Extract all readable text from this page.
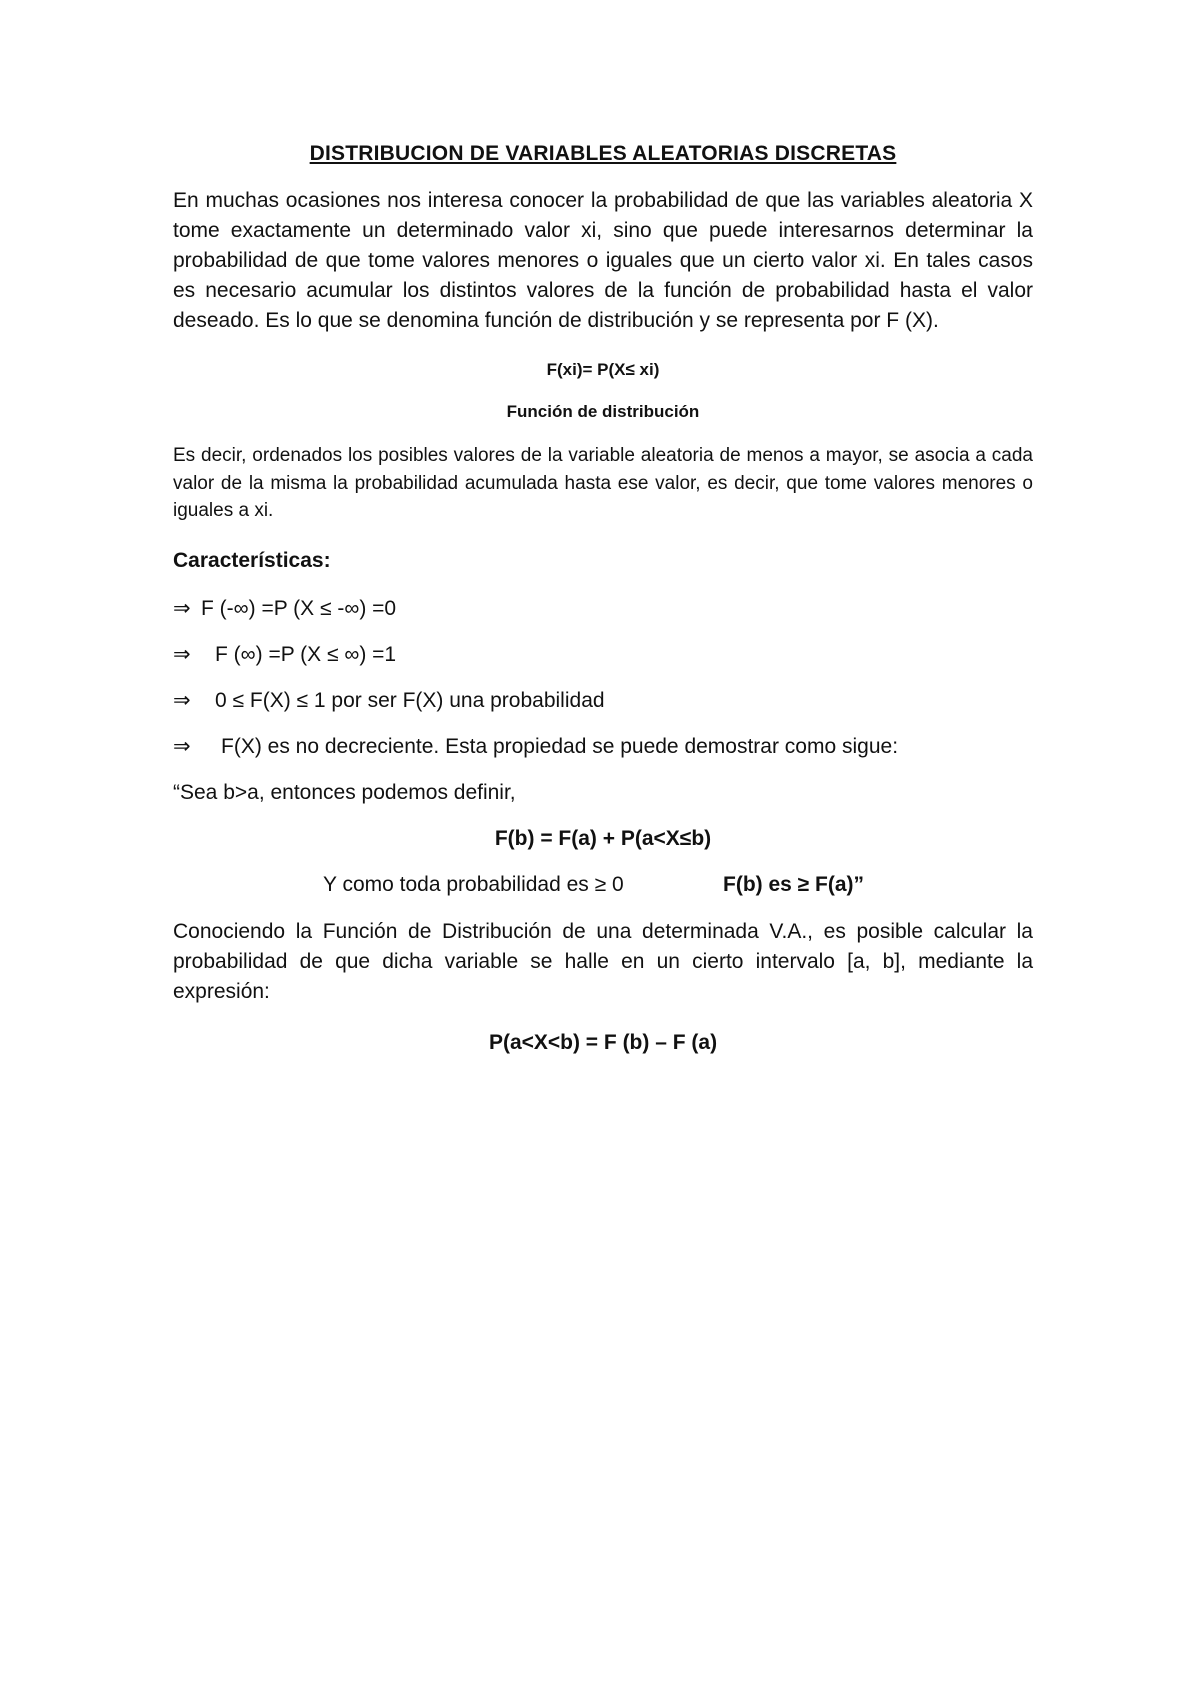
DISTRIBUCION DE VARIABLES ALEATORIAS DISCRETAS

En muchas ocasiones nos interesa conocer la probabilidad de que las variables aleatoria X tome exactamente un determinado valor xi, sino que puede interesarnos determinar la probabilidad de que tome valores menores o iguales que un cierto valor xi. En tales casos es necesario acumular los distintos valores de la función de probabilidad hasta el valor deseado. Es lo que se denomina función de distribución y se representa por F (X).

F(xi)= P(X≤ xi)
Función de distribución

Es decir, ordenados los posibles valores de la variable aleatoria de menos a mayor, se asocia a cada valor de la misma la probabilidad acumulada hasta ese valor, es decir, que tome valores menores o iguales a xi.

Características:
⇒ F (-∞) =P (X ≤ -∞) =0
⇒	F (∞) =P (X ≤ ∞) =1
⇒	0 ≤ F(X) ≤ 1 por ser F(X) una probabilidad
⇒	F(X) es no decreciente. Esta propiedad se puede demostrar como sigue:
“Sea b>a, entonces podemos definir,
F(b) = F(a) + P(a<X≤b)
Y como toda probabilidad es ≥ 0	F(b) es ≥ F(a)”

Conociendo la Función de Distribución de una determinada V.A., es posible calcular la probabilidad de que dicha variable se halle en un cierto intervalo [a, b], mediante la expresión:

P(a<X<b) = F (b) – F (a)
